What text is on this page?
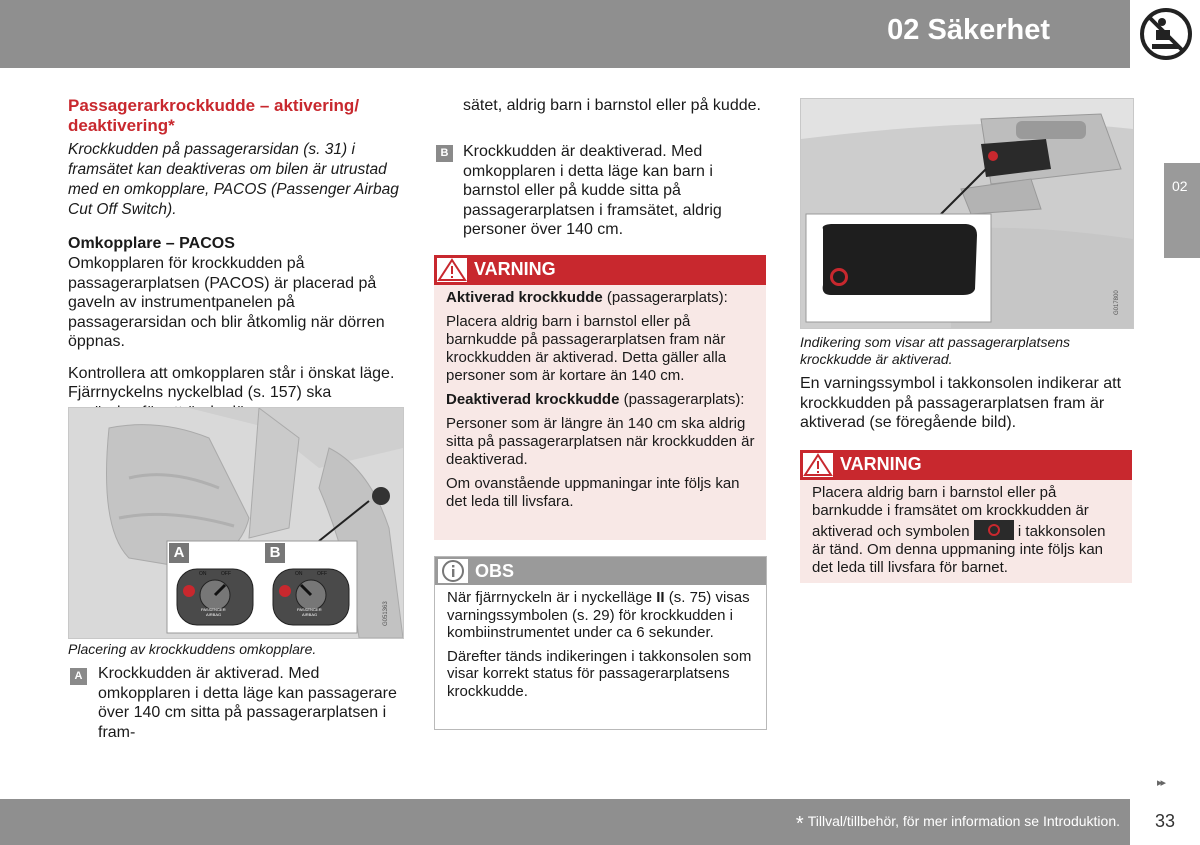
02 Säkerhet
02

Passagerarkrockkudde – aktivering/ deaktivering*

Krockkudden på passagerarsidan (s. 31) i framsätet kan deaktiveras om bilen är utrustad med en omkopplare, PACOS (Passenger Airbag Cut Off Switch).

Omkopplare – PACOS

Omkopplaren för krockkudden på passagerarplatsen (PACOS) är placerad på gaveln av instrumentpanelen på passagerarsidan och blir åtkomlig när dörren öppnas.

Kontrollera att omkopplaren står i önskat läge. Fjärrnyckelns nyckelblad (s. 157) ska

A
ON	OFF
PASSENGER
AIRBAG
B
ON	OFF
PASSENGER
AIRBAG	G051363

Placering av krockkuddens omkopplare.

A Krockkudden är aktiverad. Med omkopplaren i detta läge kan passagerare över 140 cm sitta på passagerarplatsen i fram-

sätet, aldrig barn i barnstol eller på kudde.

B Krockkudden är deaktiverad. Med omkopplaren i detta läge kan barn i barnstol eller på kudde sitta på passagerarplatsen i framsätet, aldrig personer över 140 cm.

VARNING

Aktiverad krockkudde (passagerarplats):

Placera aldrig barn i barnstol eller på barnkudde på passagerarplatsen fram när krockkudden är aktiverad. Detta gäller alla personer som är kortare än 140 cm.

Deaktiverad krockkudde (passagerarplats):

Personer som är längre än 140 cm ska aldrig sitta på passagerarplatsen när krockkudden är deaktiverad.

Om ovanstående uppmaningar inte följs kan det leda till livsfara.

OBS

När fjärrnyckeln är i nyckelläge II (s. 75) visas varningssymbolen (s. 29) för krockkudden i kombiinstrumentet under ca 6 sekunder.

Därefter tänds indikeringen i takkonsolen som visar korrekt status för passagerarplatsens krockkudde.

G017800

Indikering som visar att passagerarplatsens krockkudde är aktiverad.

En varningssymbol i takkonsolen indikerar att krockkudden på passagerarplatsen fram är aktiverad (se föregående bild).

VARNING

Placera aldrig barn i barnstol eller på barnkudde i framsätet om krockkudden är aktiverad och symbolen	i takkonsolen är tänd. Om denna uppmaning inte följs kan det leda till livsfara för barnet.

▸▸
* Tillval/tillbehör, för mer information se Introduktion. 33
